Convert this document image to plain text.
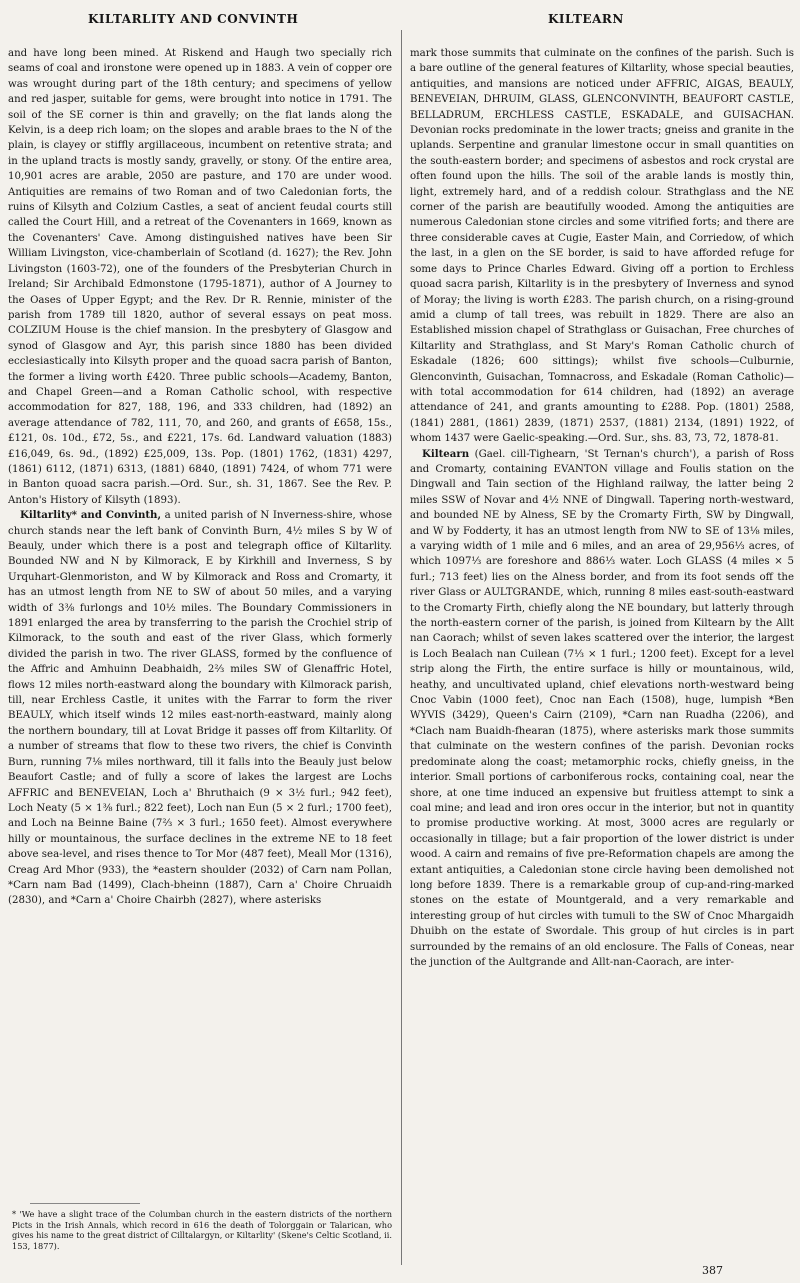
KILTARLITY AND CONVINTH	KILTEARN

and have long been mined. At Riskend and Haugh two specially rich seams of coal and ironstone were opened up in 1883. A vein of copper ore was wrought during part of the 18th century; and specimens of yellow and red jasper, suitable for gems, were brought into notice in 1791. The soil of the SE corner is thin and gravelly; on the flat lands along the Kelvin, is a deep rich loam; on the slopes and arable braes to the N of the plain, is clayey or stiffly argillaceous, incumbent on retentive strata; and in the upland tracts is mostly sandy, gravelly, or stony. Of the entire area, 10,901 acres are arable, 2050 are pasture, and 170 are under wood. Antiquities are remains of two Roman and of two Caledonian forts, the ruins of Kilsyth and Colzium Castles, a seat of ancient feudal courts still called the Court Hill, and a retreat of the Covenanters in 1669, known as the Covenanters' Cave. Among distinguished natives have been Sir William Livingston, vice-chamberlain of Scotland (d. 1627); the Rev. John Livingston (1603-72), one of the founders of the Presbyterian Church in Ireland; Sir Archibald Edmonstone (1795-1871), author of A Journey to the Oases of Upper Egypt; and the Rev. Dr R. Rennie, minister of the parish from 1789 till 1820, author of several essays on peat moss. COLZIUM House is the chief mansion. In the presbytery of Glasgow and synod of Glasgow and Ayr, this parish since 1880 has been divided ecclesiastically into Kilsyth proper and the quoad sacra parish of Banton, the former a living worth £420. Three public schools—Academy, Banton, and Chapel Green—and a Roman Catholic school, with respective accommodation for 827, 188, 196, and 333 children, had (1892) an average attendance of 782, 111, 70, and 260, and grants of £658, 15s., £121, 0s. 10d., £72, 5s., and £221, 17s. 6d. Landward valuation (1883) £16,049, 6s. 9d., (1892) £25,009, 13s. Pop. (1801) 1762, (1831) 4297, (1861) 6112, (1871) 6313, (1881) 6840, (1891) 7424, of whom 771 were in Banton quoad sacra parish.—Ord. Sur., sh. 31, 1867. See the Rev. P. Anton's History of Kilsyth (1893).

Kiltarlity* and Convinth, a united parish of N Inverness-shire, whose church stands near the left bank of Convinth Burn, 4½ miles S by W of Beauly, under which there is a post and telegraph office of Kiltarlity. Bounded NW and N by Kilmorack, E by Kirkhill and Inverness, S by Urquhart-Glenmoriston, and W by Kilmorack and Ross and Cromarty, it has an utmost length from NE to SW of about 50 miles, and a varying width of 3⅜ furlongs and 10½ miles. The Boundary Commissioners in 1891 enlarged the area by transferring to the parish the Crochiel strip of Kilmorack, to the south and east of the river Glass, which formerly divided the parish in two. The river GLASS, formed by the confluence of the Affric and Amhuinn Deabhaidh, 2⅔ miles SW of Glenaffric Hotel, flows 12 miles north-eastward along the boundary with Kilmorack parish, till, near Erchless Castle, it unites with the Farrar to form the river BEAULY, which itself winds 12 miles east-north-eastward, mainly along the northern boundary, till at Lovat Bridge it passes off from Kiltarlity. Of a number of streams that flow to these two rivers, the chief is Convinth Burn, running 7⅛ miles northward, till it falls into the Beauly just below Beaufort Castle; and of fully a score of lakes the largest are Lochs AFFRIC and BENEVEIAN, Loch a' Bhruthaich (9 × 3½ furl.; 942 feet), Loch Neaty (5 × 1⅜ furl.; 822 feet), Loch nan Eun (5 × 2 furl.; 1700 feet), and Loch na Beinne Baine (7⅔ × 3 furl.; 1650 feet). Almost everywhere hilly or mountainous, the surface declines in the extreme NE to 18 feet above sea-level, and rises thence to Tor Mor (487 feet), Meall Mor (1316), Creag Ard Mhor (933), the *eastern shoulder (2032) of Carn nam Pollan, *Carn nam Bad (1499), Clach-bheinn (1887), Carn a' Choire Chruaidh (2830), and *Carn a' Choire Chairbh (2827), where asterisks

mark those summits that culminate on the confines of the parish. Such is a bare outline of the general features of Kiltarlity, whose special beauties, antiquities, and mansions are noticed under AFFRIC, AIGAS, BEAULY, BENEVEIAN, DHRUIM, GLASS, GLENCONVINTH, BEAUFORT CASTLE, BELLADRUM, ERCHLESS CASTLE, ESKADALE, and GUISACHAN. Devonian rocks predominate in the lower tracts; gneiss and granite in the uplands. Serpentine and granular limestone occur in small quantities on the south-eastern border; and specimens of asbestos and rock crystal are often found upon the hills. The soil of the arable lands is mostly thin, light, extremely hard, and of a reddish colour. Strathglass and the NE corner of the parish are beautifully wooded. Among the antiquities are numerous Caledonian stone circles and some vitrified forts; and there are three considerable caves at Cugie, Easter Main, and Corriedow, of which the last, in a glen on the SE border, is said to have afforded refuge for some days to Prince Charles Edward. Giving off a portion to Erchless quoad sacra parish, Kiltarlity is in the presbytery of Inverness and synod of Moray; the living is worth £283. The parish church, on a rising-ground amid a clump of tall trees, was rebuilt in 1829. There are also an Established mission chapel of Strathglass or Guisachan, Free churches of Kiltarlity and Strathglass, and St Mary's Roman Catholic church of Eskadale (1826; 600 sittings); whilst five schools—Culburnie, Glenconvinth, Guisachan, Tomnacross, and Eskadale (Roman Catholic)—with total accommodation for 614 children, had (1892) an average attendance of 241, and grants amounting to £288. Pop. (1801) 2588, (1841) 2881, (1861) 2839, (1871) 2537, (1881) 2134, (1891) 1922, of whom 1437 were Gaelic-speaking.—Ord. Sur., shs. 83, 73, 72, 1878-81.

Kiltearn (Gael. cill-Tighearn, 'St Ternan's church'), a parish of Ross and Cromarty, containing EVANTON village and Foulis station on the Dingwall and Tain section of the Highland railway, the latter being 2 miles SSW of Novar and 4½ NNE of Dingwall. Tapering north-westward, and bounded NE by Alness, SE by the Cromarty Firth, SW by Dingwall, and W by Fodderty, it has an utmost length from NW to SE of 13⅛ miles, a varying width of 1 mile and 6 miles, and an area of 29,956⅓ acres, of which 1097⅓ are foreshore and 886⅓ water. Loch GLASS (4 miles × 5 furl.; 713 feet) lies on the Alness border, and from its foot sends off the river Glass or AULTGRANDE, which, running 8 miles east-south-eastward to the Cromarty Firth, chiefly along the NE boundary, but latterly through the north-eastern corner of the parish, is joined from Kiltearn by the Allt nan Caorach; whilst of seven lakes scattered over the interior, the largest is Loch Bealach nan Cuilean (7⅓ × 1 furl.; 1200 feet). Except for a level strip along the Firth, the entire surface is hilly or mountainous, wild, heathy, and uncultivated upland, chief elevations north-westward being Cnoc Vabin (1000 feet), Cnoc nan Each (1508), huge, lumpish *Ben WYVIS (3429), Queen's Cairn (2109), *Carn nan Ruadha (2206), and *Clach nam Buaidh-fhearan (1875), where asterisks mark those summits that culminate on the western confines of the parish. Devonian rocks predominate along the coast; metamorphic rocks, chiefly gneiss, in the interior. Small portions of carboniferous rocks, containing coal, near the shore, at one time induced an expensive but fruitless attempt to sink a coal mine; and lead and iron ores occur in the interior, but not in quantity to promise productive working. At most, 3000 acres are regularly or occasionally in tillage; but a fair proportion of the lower district is under wood. A cairn and remains of five pre-Reformation chapels are among the extant antiquities, a Caledonian stone circle having been demolished not long before 1839. There is a remarkable group of cup-and-ring-marked stones on the estate of Mountgerald, and a very remarkable and interesting group of hut circles with tumuli to the SW of Cnoc Mhargaidh Dhuibh on the estate of Swordale. This group of hut circles is in part surrounded by the remains of an old enclosure. The Falls of Coneas, near the junction of the Aultgrande and Allt-nan-Caorach, are inter-

* 'We have a slight trace of the Columban church in the eastern districts of the northern Picts in the Irish Annals, which record in 616 the death of Tolorggain or Talarican, who gives his name to the great district of Cilltalargyn, or Kiltarlity' (Skene's Celtic Scotland, ii. 153, 1877).
387
